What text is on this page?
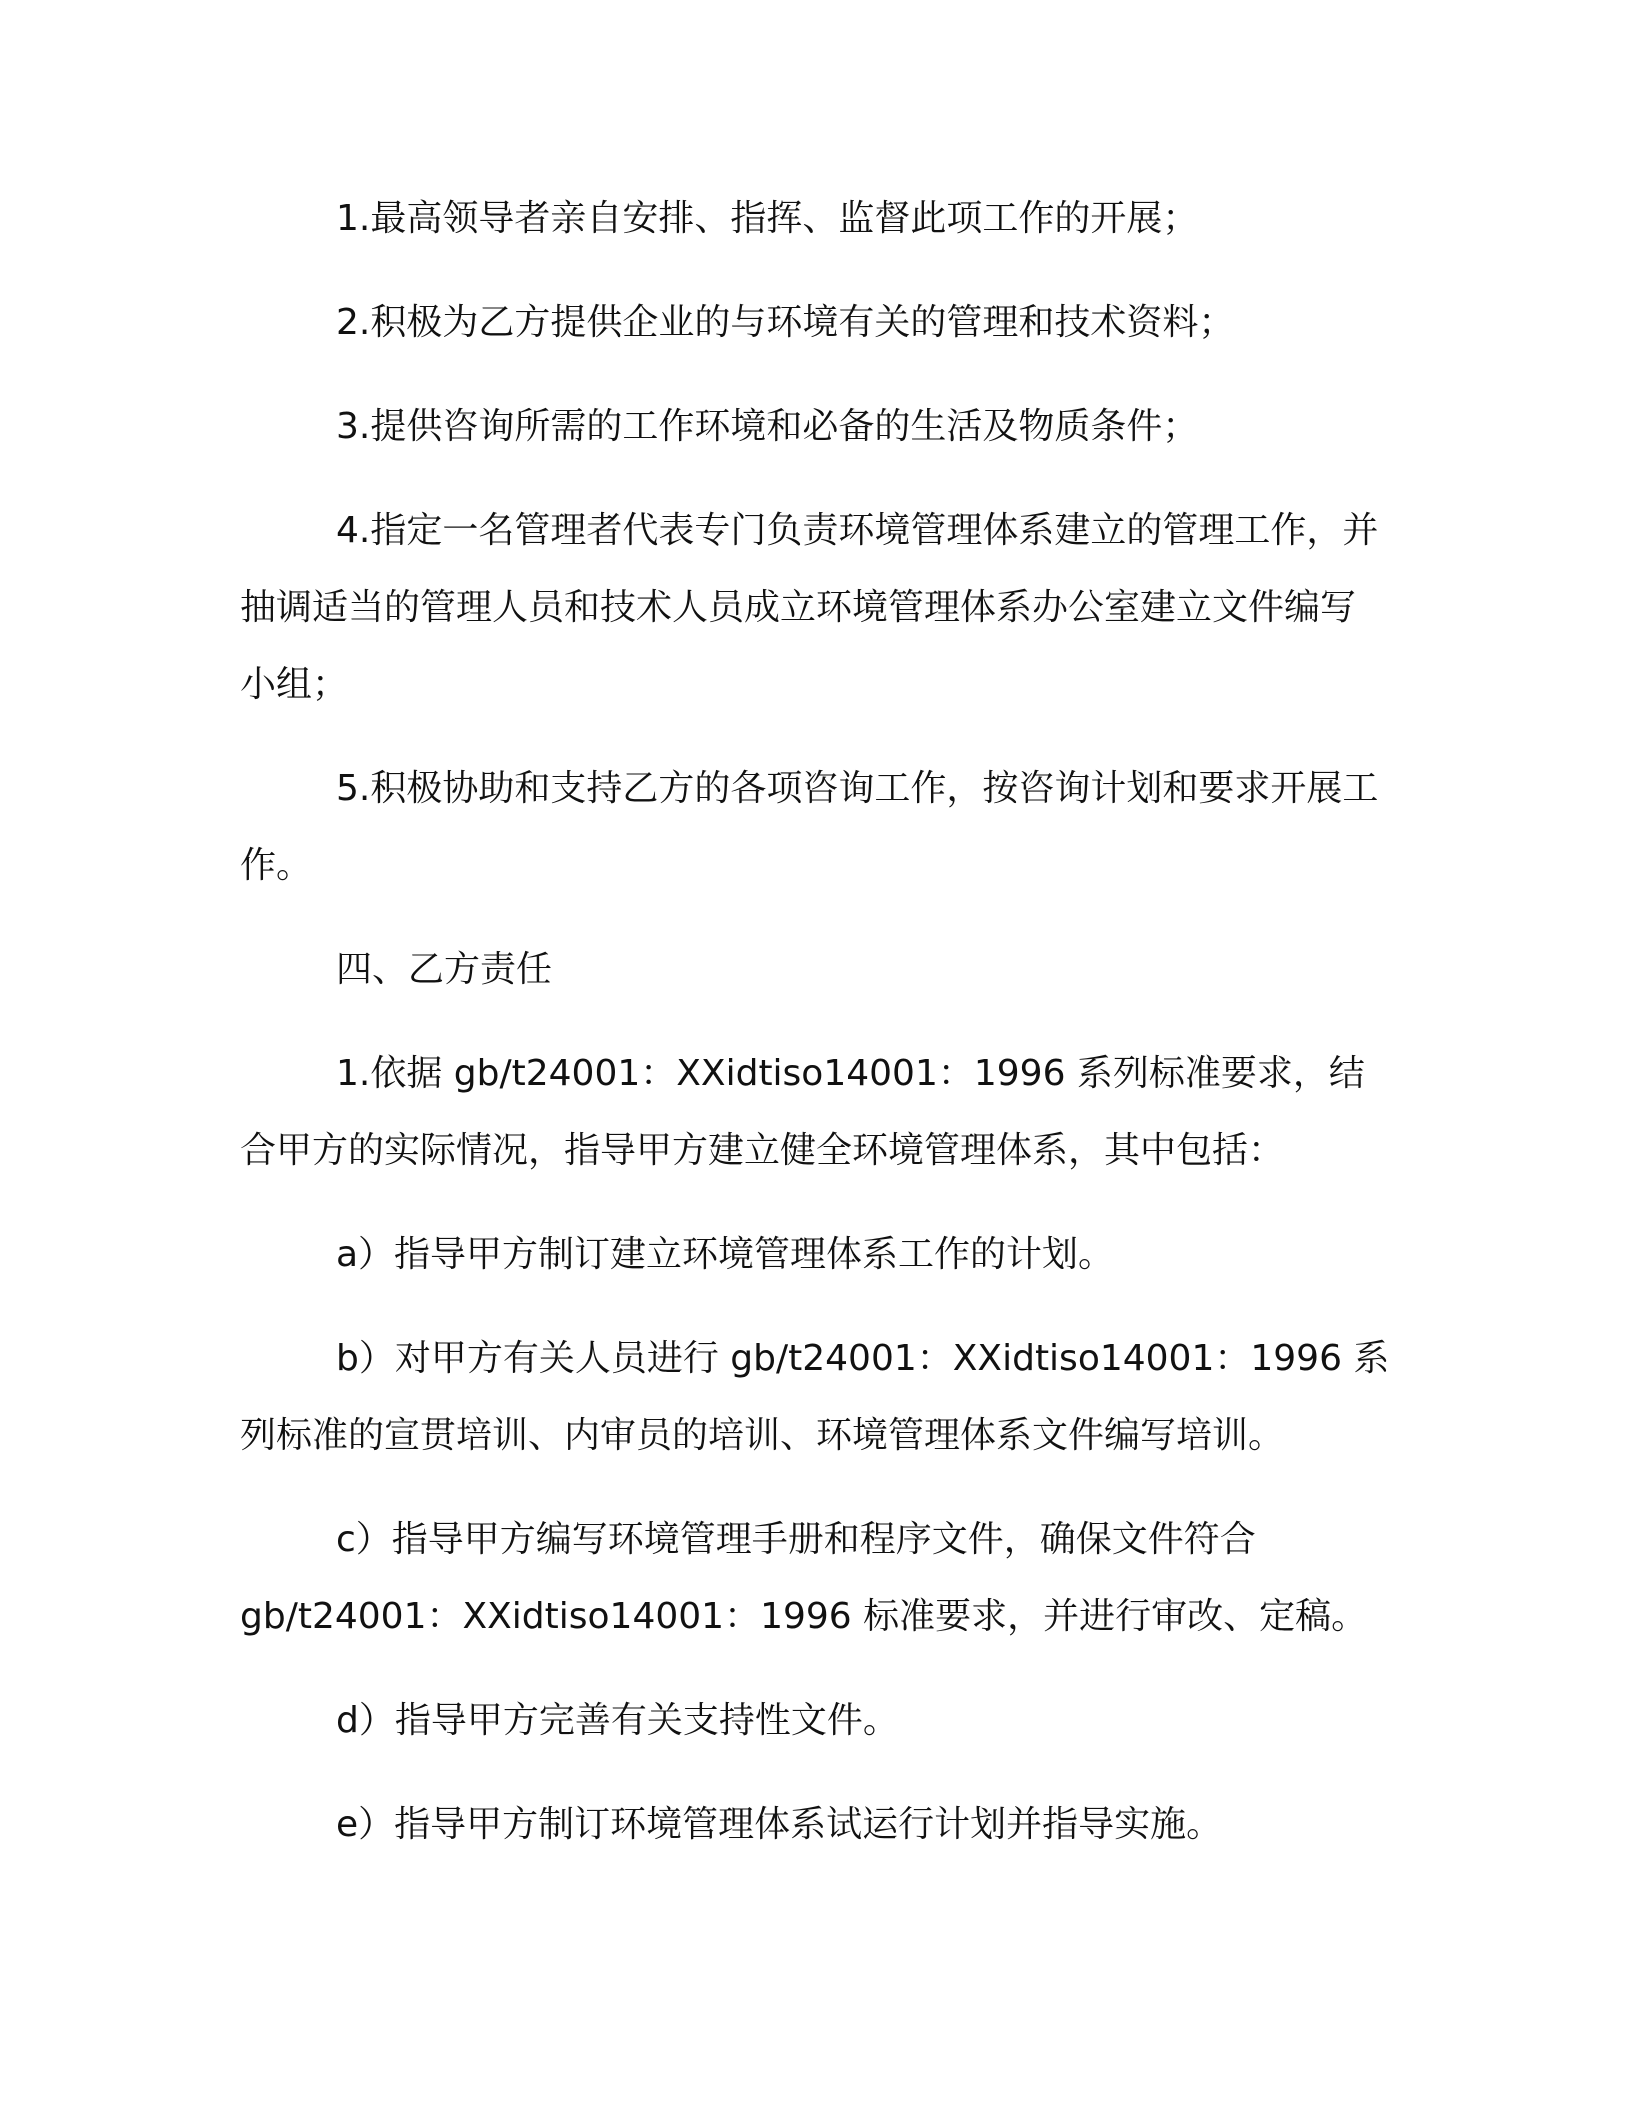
1.最高领导者亲自安排、指挥、监督此项工作的开展；

2.积极为乙方提供企业的与环境有关的管理和技术资料；

3.提供咨询所需的工作环境和必备的生活及物质条件；

4.指定一名管理者代表专门负责环境管理体系建立的管理工作，并抽调适当的管理人员和技术人员成立环境管理体系办公室建立文件编写小组；

5.积极协助和支持乙方的各项咨询工作，按咨询计划和要求开展工作。

四、乙方责任

1.依据 gb/t24001：XXidtiso14001：1996 系列标准要求，结合甲方的实际情况，指导甲方建立健全环境管理体系，其中包括：

a）指导甲方制订建立环境管理体系工作的计划。

b）对甲方有关人员进行 gb/t24001：XXidtiso14001：1996 系列标准的宣贯培训、内审员的培训、环境管理体系文件编写培训。

c）指导甲方编写环境管理手册和程序文件，确保文件符合 gb/t24001：XXidtiso14001：1996 标准要求，并进行审改、定稿。

d）指导甲方完善有关支持性文件。

e）指导甲方制订环境管理体系试运行计划并指导实施。
